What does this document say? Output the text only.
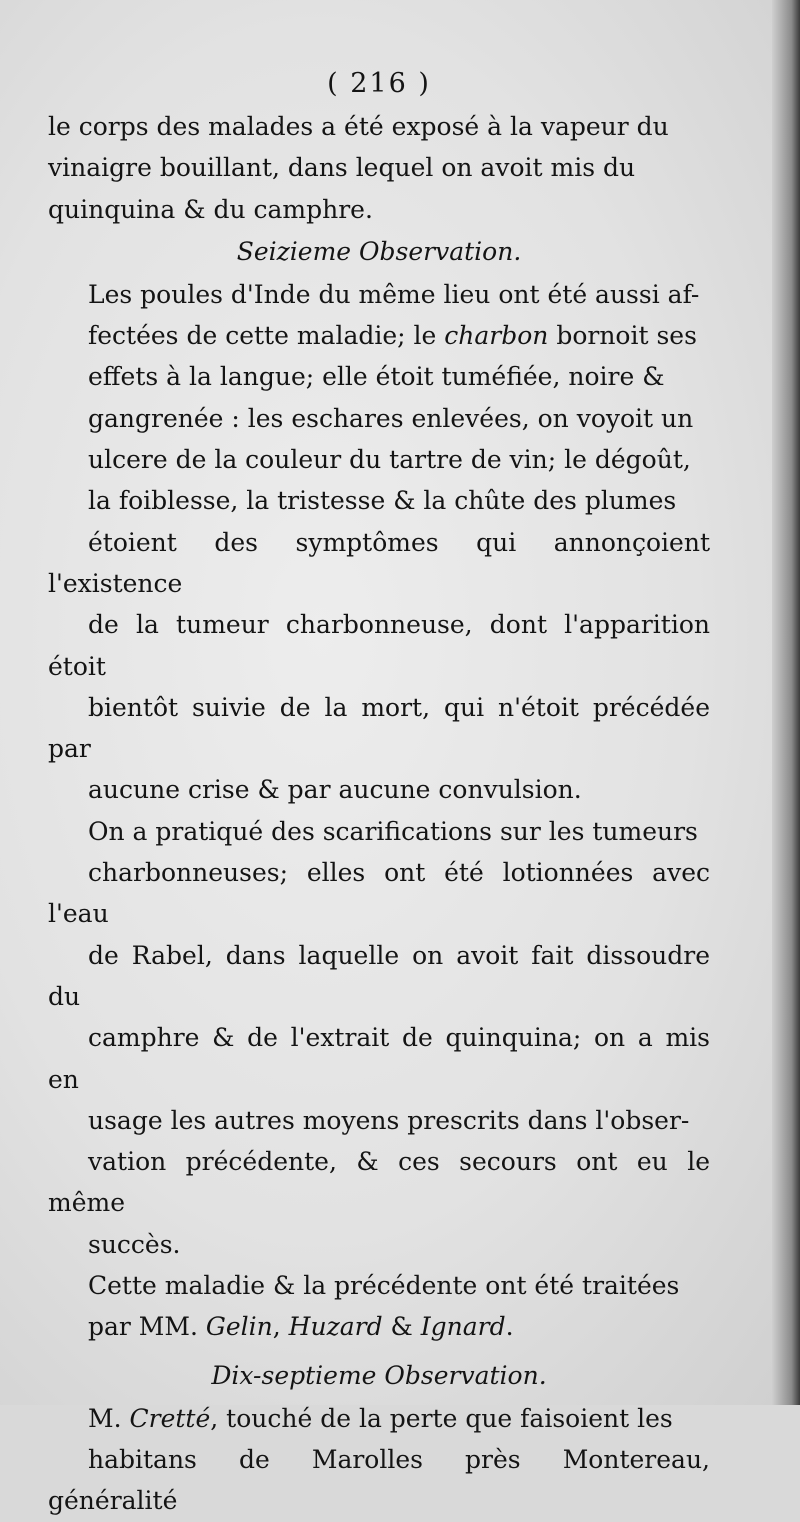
( 216 )

le corps des malades a été exposé à la vapeur du
vinaigre bouillant, dans lequel on avoit mis du
quinquina & du camphre.

Seizieme Observation.

Les poules d'Inde du même lieu ont été aussi af-
fectées de cette maladie; le charbon bornoit ses
effets à la langue; elle étoit tuméfiée, noire &
gangrenée : les eschares enlevées, on voyoit un
ulcere de la couleur du tartre de vin; le dégoût,
la foiblesse, la tristesse & la chûte des plumes
étoient des symptômes qui annonçoient l'existence
de la tumeur charbonneuse, dont l'apparition étoit
bientôt suivie de la mort, qui n'étoit précédée par
aucune crise & par aucune convulsion.

On a pratiqué des scarifications sur les tumeurs
charbonneuses; elles ont été lotionnées avec l'eau
de Rabel, dans laquelle on avoit fait dissoudre du
camphre & de l'extrait de quinquina; on a mis en
usage les autres moyens prescrits dans l'obser-
vation précédente, & ces secours ont eu le même
succès.

Cette maladie & la précédente ont été traitées
par MM. Gelin, Huzard & Ignard.

Dix-septieme Observation.

M. Cretté, touché de la perte que faisoient les
habitans de Marolles près Montereau, généralité
